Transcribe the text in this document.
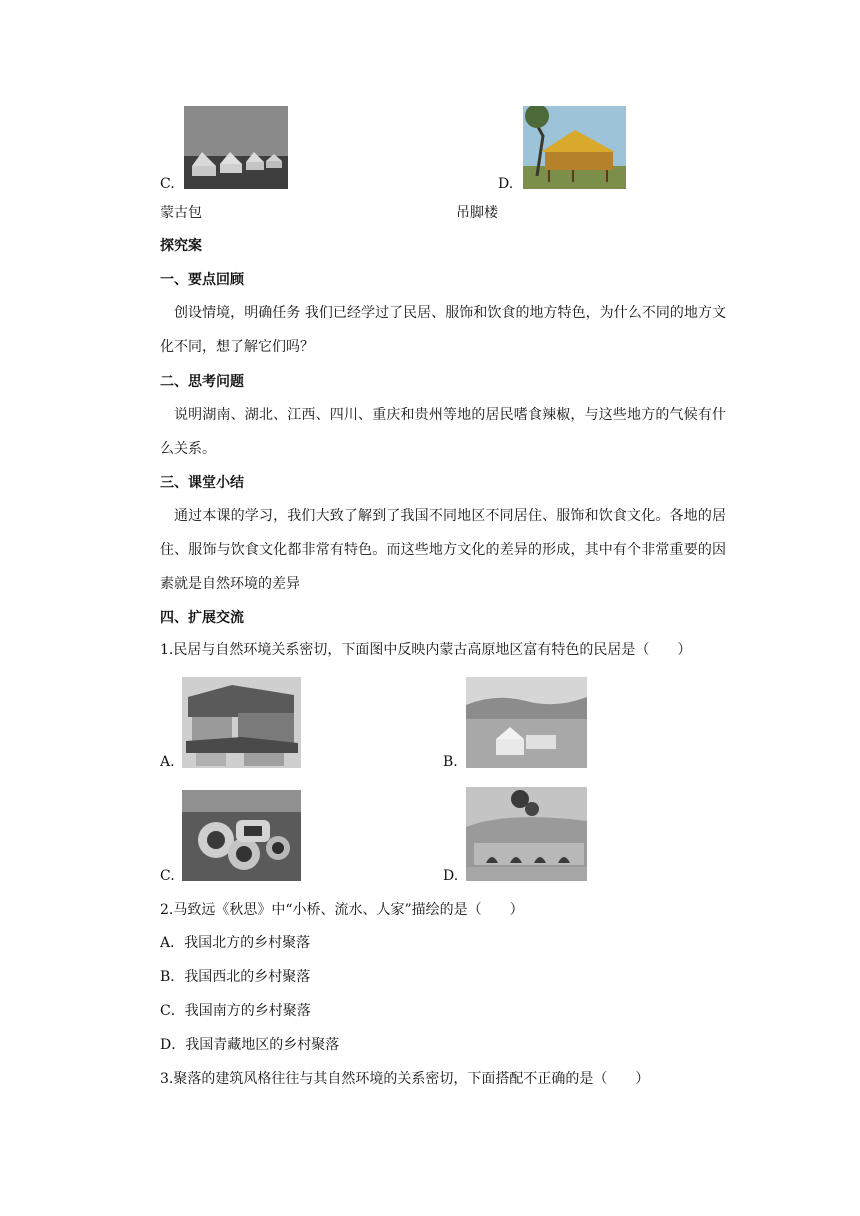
C.	D.
蒙古包	吊脚楼
探究案
一、要点回顾
创设情境，明确任务 我们已经学过了民居、服饰和饮食的地方特色，为什么不同的地方文化不同，想了解它们吗？
二、思考问题
说明湖南、湖北、江西、四川、重庆和贵州等地的居民嗜食辣椒，与这些地方的气候有什么关系。
三、课堂小结
通过本课的学习，我们大致了解到了我国不同地区不同居住、服饰和饮食文化。各地的居住、服饰与饮食文化都非常有特色。而这些地方文化的差异的形成，其中有个非常重要的因素就是自然环境的差异
四、扩展交流
1.民居与自然环境关系密切，下面图中反映内蒙古高原地区富有特色的民居是（　　）
A.	B.
C.	D.
2.马致远《秋思》中“小桥、流水、人家”描绘的是（　　）
A．我国北方的乡村聚落
B．我国西北的乡村聚落
C．我国南方的乡村聚落
D．我国青藏地区的乡村聚落
3.聚落的建筑风格往往与其自然环境的关系密切，下面搭配不正确的是（　　）
